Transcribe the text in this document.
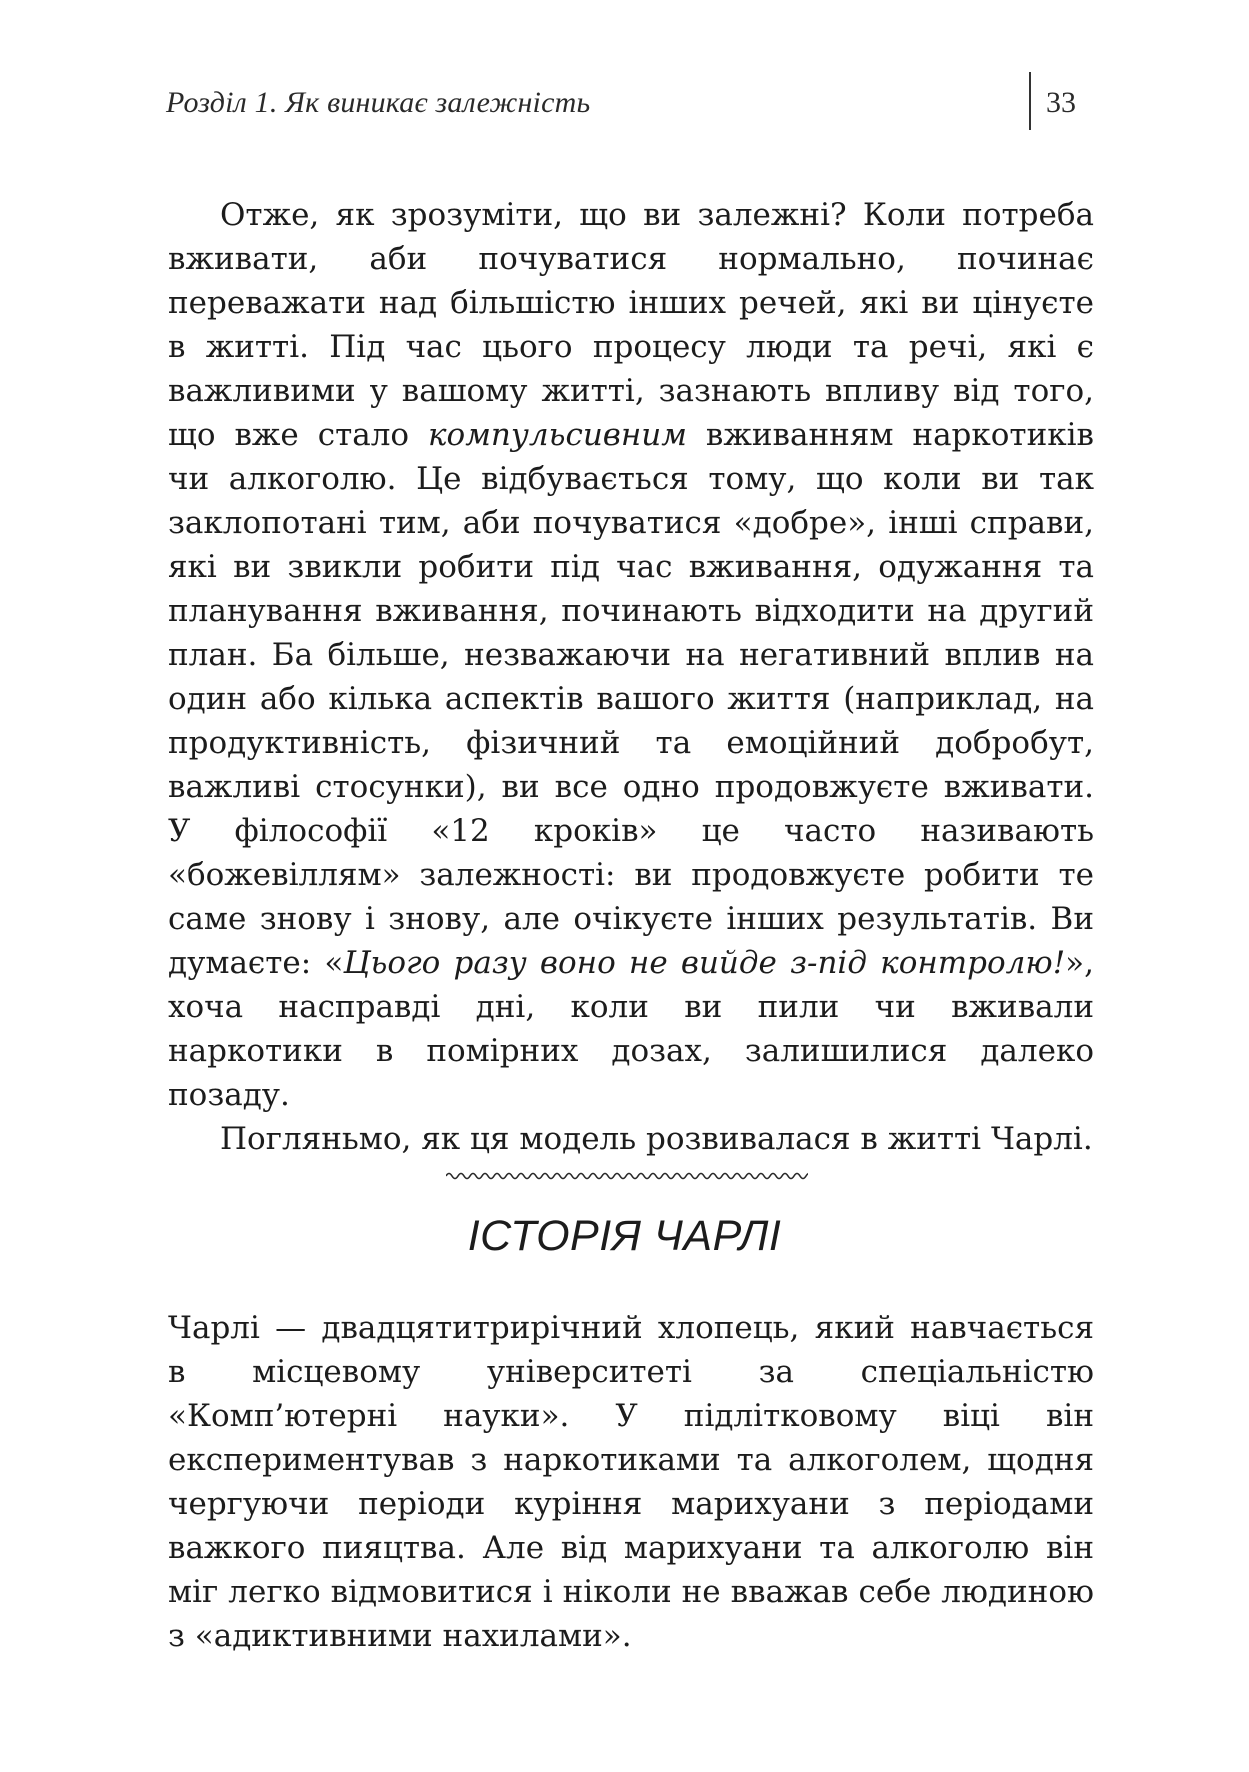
Розділ 1. Як виникає залежність	33

Отже, як зрозуміти, що ви залежні? Коли потреба вживати, аби почуватися нормально, починає переважати над більшістю інших речей, які ви цінуєте в житті. Під час цього процесу люди та речі, які є важливими у вашому житті, зазнають впливу від того, що вже стало компульсивним вживанням наркотиків чи алкоголю. Це відбувається тому, що коли ви так заклопотані тим, аби почуватися «добре», інші справи, які ви звикли робити під час вживання, одужання та планування вживання, починають відходити на другий план. Ба більше, незважаючи на негативний вплив на один або кілька аспектів вашого життя (наприклад, на продуктивність, фізичний та емоційний добробут, важливі стосунки), ви все одно продовжуєте вживати. У філософії «12 кроків» це часто називають «божевіллям» залежності: ви продовжуєте робити те саме знову і знову, але очікуєте інших результатів. Ви думаєте: «Цього разу воно не вийде з-під контролю!», хоча насправді дні, коли ви пили чи вживали наркотики в помірних дозах, залишилися далеко позаду.

Погляньмо, як ця модель розвивалася в житті Чарлі.

ІСТОРІЯ ЧАРЛІ

Чарлі — двадцятитрирічний хлопець, який навчається в місцевому університеті за спеціальністю «Комп’ютерні науки». У підлітковому віці він експериментував з наркотиками та алкоголем, щодня чергуючи періоди куріння марихуани з періодами важкого пияцтва. Але від марихуани та алкоголю він міг легко відмовитися і ніколи не вважав себе людиною з «адиктивними нахилами».
